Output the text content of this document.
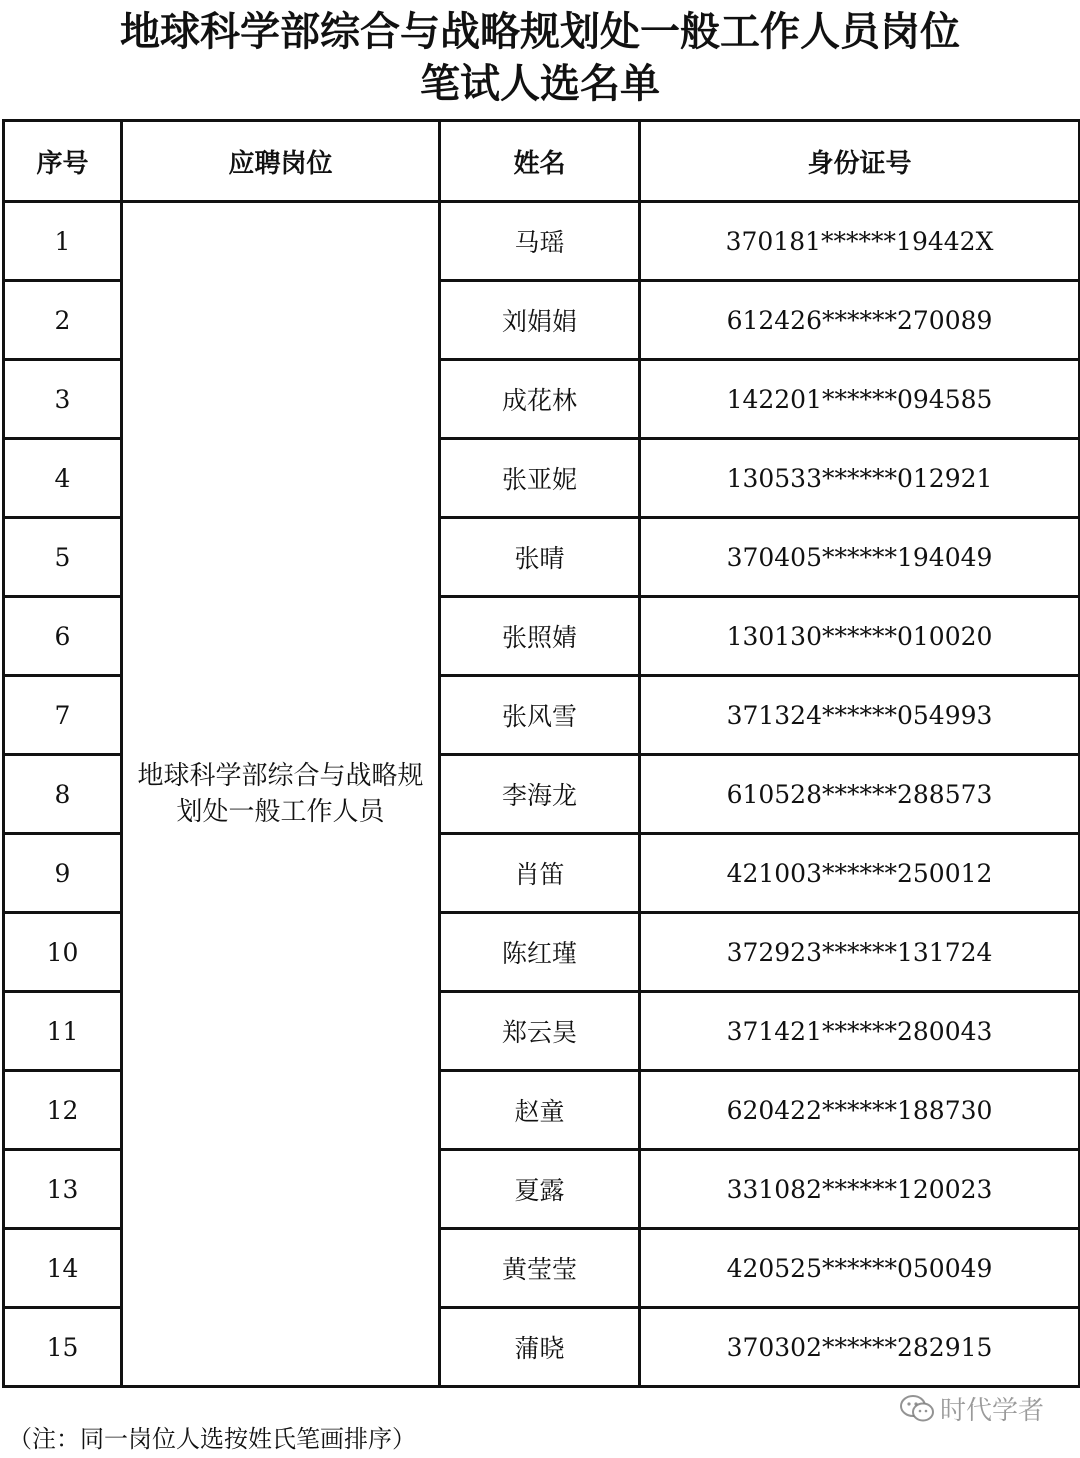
地球科学部综合与战略规划处一般工作人员岗位
笔试人选名单
序号	应聘岗位	姓名	身份证号
1	地球科学部综合与战略规划处一般工作人员	马瑶	370181******19442X
2		刘娟娟	612426******270089
3		成花林	142201******094585
4		张亚妮	130533******012921
5		张晴	370405******194049
6		张照婧	130130******010020
7		张风雪	371324******054993
8		李海龙	610528******288573
9		肖笛	421003******250012
10		陈红瑾	372923******131724
11		郑云昊	371421******280043
12		赵童	620422******188730
13		夏露	331082******120023
14		黄莹莹	420525******050049
15		蒲晓	370302******282915

（注：同一岗位人选按姓氏笔画排序）

时代学者
